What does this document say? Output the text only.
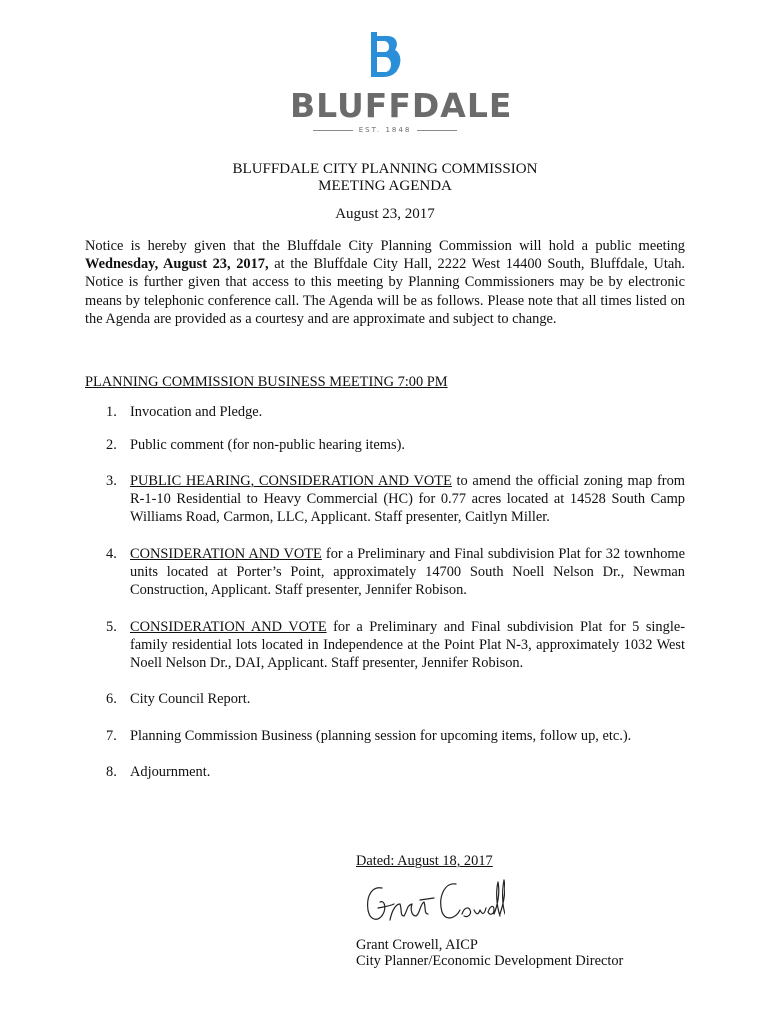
BLUFFDALE
EST. 1848
BLUFFDALE CITY PLANNING COMMISSION
MEETING AGENDA
August 23, 2017
Notice is hereby given that the Bluffdale City Planning Commission will hold a public meeting Wednesday, August 23, 2017, at the Bluffdale City Hall, 2222 West 14400 South, Bluffdale, Utah. Notice is further given that access to this meeting by Planning Commissioners may be by electronic means by telephonic conference call. The Agenda will be as follows. Please note that all times listed on the Agenda are provided as a courtesy and are approximate and subject to change.
PLANNING COMMISSION BUSINESS MEETING 7:00 PM
1. Invocation and Pledge.
2. Public comment (for non-public hearing items).
3. PUBLIC HEARING, CONSIDERATION AND VOTE to amend the official zoning map from R-1-10 Residential to Heavy Commercial (HC) for 0.77 acres located at 14528 South Camp Williams Road, Carmon, LLC, Applicant. Staff presenter, Caitlyn Miller.
4. CONSIDERATION AND VOTE for a Preliminary and Final subdivision Plat for 32 townhome units located at Porter’s Point, approximately 14700 South Noell Nelson Dr., Newman Construction, Applicant. Staff presenter, Jennifer Robison.
5. CONSIDERATION AND VOTE for a Preliminary and Final subdivision Plat for 5 single-family residential lots located in Independence at the Point Plat N-3, approximately 1032 West Noell Nelson Dr., DAI, Applicant. Staff presenter, Jennifer Robison.
6. City Council Report.
7. Planning Commission Business (planning session for upcoming items, follow up, etc.).
8. Adjournment.
Dated: August 18, 2017
Grant Crowell, AICP
City Planner/Economic Development Director
